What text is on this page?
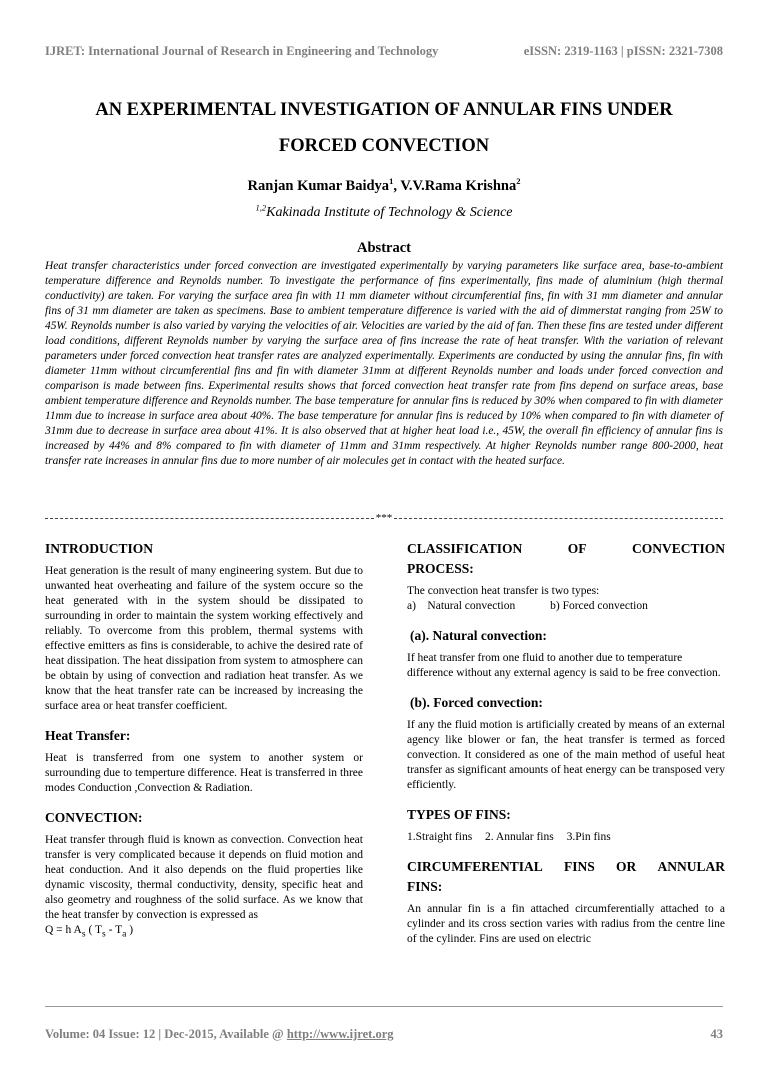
IJRET: International Journal of Research in Engineering and Technology	eISSN: 2319-1163 | pISSN: 2321-7308
AN EXPERIMENTAL INVESTIGATION OF ANNULAR FINS UNDER
FORCED CONVECTION
Ranjan Kumar Baidya$^1$, V.V.Rama Krishna$^2$
$^{1,2}$Kakinada Institute of Technology & Science
Abstract

Heat transfer characteristics under forced convection are investigated experimentally by varying parameters like surface area, base-to-ambient temperature difference and Reynolds number. To investigate the performance of fins experimentally, fins made of aluminium (high thermal conductivity) are taken. For varying the surface area fin with 11 mm diameter without circumferential fins, fin with 31 mm diameter and annular fins of 31 mm diameter are taken as specimens. Base to ambient temperature difference is varied with the aid of dimmerstat ranging from 25W to 45W. Reynolds number is also varied by varying the velocities of air. Velocities are varied by the aid of fan. Then these fins are tested under different load conditions, different Reynolds number by varying the surface area of fins increase the rate of heat transfer. With the variation of relevant parameters under forced convection heat transfer rates are analyzed experimentally. Experiments are conducted by using the annular fins, fin with diameter 11mm without circumferential fins and fin with diameter 31mm at different Reynolds number and loads under forced convection and comparison is made between fins. Experimental results shows that forced convection heat transfer rate from fins depend on surface areas, base ambient temperature difference and Reynolds number. The base temperature for annular fins is reduced by 30% when compared to fin with diameter 11mm due to increase in surface area about 40%. The base temperature for annular fins is reduced by 10% when compared to fin with diameter of 31mm due to decrease in surface area about 41%. It is also observed that at higher heat load i.e., 45W, the overall fin efficiency of annular fins is increased by 44% and 8% compared to fin with diameter of 11mm and 31mm respectively. At higher Reynolds number range 800-2000, heat transfer rate increases in annular fins due to more number of air molecules get in contact with the heated surface.

***
INTRODUCTION

Heat generation is the result of many engineering system. But due to unwanted heat overheating and failure of the system occure so the heat generated with in the system should be dissipated to surrounding in order to maintain the system working effectively and reliably. To overcome from this problem, thermal systems with effective emitters as fins is considerable, to achive the desired rate of heat dissipation. The heat dissipation from system to atmosphere can be obtain by using of convection and radiation heat transfer. As we know that the heat transfer rate can be increased by increasing the surface area or heat transfer coefficient.

Heat Transfer:

Heat is transferred from one system to another system or surrounding due to temperture difference. Heat is transferred in three modes Conduction ,Convection & Radiation.

CONVECTION:

Heat transfer through fluid is known as convection. Convection heat transfer is very complicated because it depends on fluid motion and heat conduction. And it also depends on the fluid properties like dynamic viscosity, thermal conductivity, density, specific heat and also geometry and roughness of the solid surface. As we know that the heat transfer by convection is expressed as

Q = h $A_s$ ( $T_s - T_a$ )

CLASSIFICATION	OF	CONVECTION
PROCESS:

The convection heat transfer is two types:

a)    Natural convection	b) Forced convection

(a). Natural convection:

If heat transfer from one fluid to another due to temperature difference without any external agency is said to be free convection.

(b). Forced convection:

If any the fluid motion is artificially created by means of an external agency like blower or fan, the heat transfer is termed as forced convection. It considered as one of the main method of useful heat transfer as significant amounts of heat energy can be transposed very efficiently.

TYPES OF FINS:

1.Straight fins 2. Annular fins 3.Pin fins

CIRCUMFERENTIAL FINS OR ANNULAR
FINS:

An annular fin is a fin attached circumferentially attached to a cylinder and its cross section varies with radius from the centre line of the cylinder. Fins are used on electric

Volume: 04 Issue: 12 | Dec-2015, Available @ http://www.ijret.org	43
